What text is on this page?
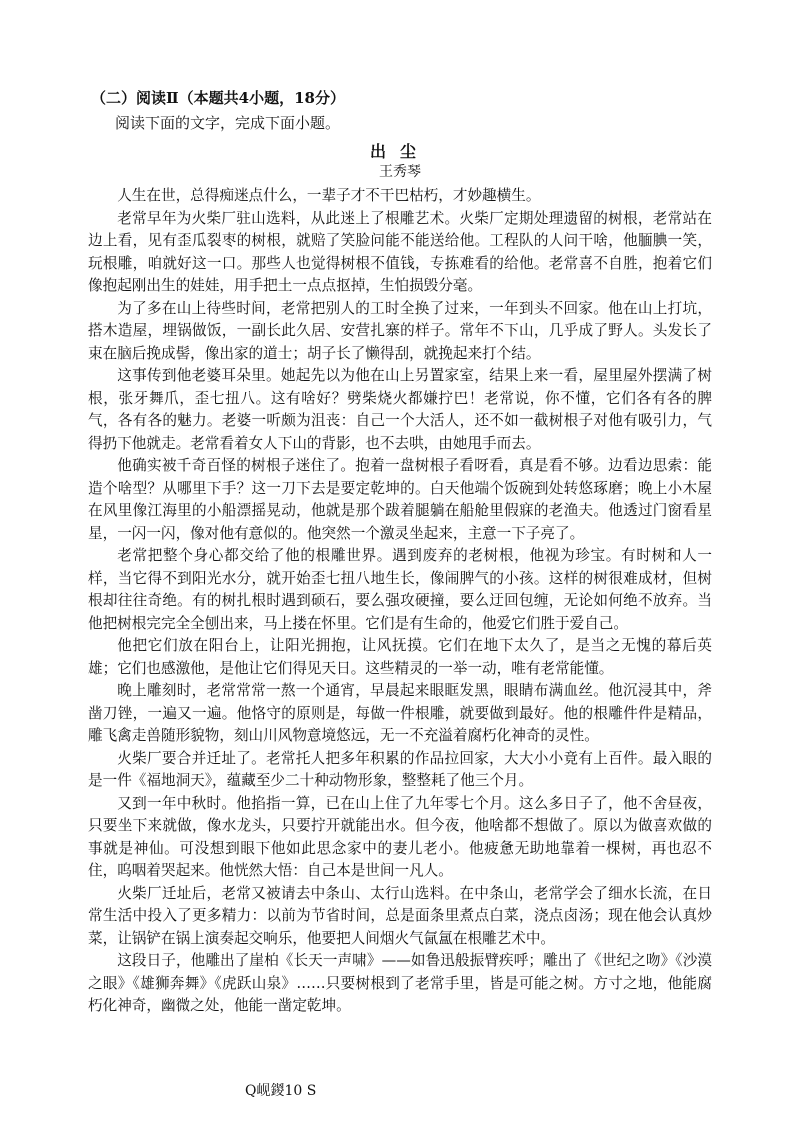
（二）阅读Ⅱ（本题共4小题，18分）
阅读下面的文字，完成下面小题。
出尘
王秀琴

人生在世，总得痴迷点什么，一辈子才不干巴枯朽，才妙趣横生。

老常早年为火柴厂驻山选料，从此迷上了根雕艺术。火柴厂定期处理遗留的树根，老常站在边上看，见有歪瓜裂枣的树根，就赔了笑脸问能不能送给他。工程队的人问干啥，他腼腆一笑，玩根雕，咱就好这一口。那些人也觉得树根不值钱，专拣难看的给他。老常喜不自胜，抱着它们像抱起刚出生的娃娃，用手把土一点点抠掉，生怕损毁分毫。

为了多在山上待些时间，老常把别人的工时全换了过来，一年到头不回家。他在山上打坑，搭木造屋，埋锅做饭，一副长此久居、安营扎寨的样子。常年不下山，几乎成了野人。头发长了束在脑后挽成髻，像出家的道士；胡子长了懒得刮，就挽起来打个结。

这事传到他老婆耳朵里。她起先以为他在山上另置家室，结果上来一看，屋里屋外摆满了树根，张牙舞爪，歪七扭八。这有啥好？劈柴烧火都嫌拧巴！老常说，你不懂，它们各有各的脾气，各有各的魅力。老婆一听颇为沮丧：自己一个大活人，还不如一截树根子对他有吸引力，气得扔下他就走。老常看着女人下山的背影，也不去哄，由她甩手而去。

他确实被千奇百怪的树根子迷住了。抱着一盘树根子看呀看，真是看不够。边看边思索：能造个啥型？从哪里下手？这一刀下去是要定乾坤的。白天他端个饭碗到处转悠琢磨；晚上小木屋在风里像江海里的小船漂摇晃动，他就是那个跋着腿躺在船舱里假寐的老渔夫。他透过门窗看星星，一闪一闪，像对他有意似的。他突然一个激灵坐起来，主意一下子亮了。

老常把整个身心都交给了他的根雕世界。遇到废弃的老树根，他视为珍宝。有时树和人一样，当它得不到阳光水分，就开始歪七扭八地生长，像闹脾气的小孩。这样的树很难成材，但树根却往往奇绝。有的树扎根时遇到硕石，要么强攻硬撞，要么迂回包缠，无论如何绝不放弃。当他把树根完完全全刨出来，马上搂在怀里。它们是有生命的，他爱它们胜于爱自己。

他把它们放在阳台上，让阳光拥抱，让风抚摸。它们在地下太久了，是当之无愧的幕后英雄；它们也感激他，是他让它们得见天日。这些精灵的一举一动，唯有老常能懂。

晚上雕刻时，老常常常一熬一个通宵，早晨起来眼眶发黑，眼睛布满血丝。他沉浸其中，斧凿刀锉，一遍又一遍。他恪守的原则是，每做一件根雕，就要做到最好。他的根雕件件是精品，雕飞禽走兽随形貌物，刻山川风物意境悠远，无一不充溢着腐朽化神奇的灵性。

火柴厂要合并迁址了。老常托人把多年积累的作品拉回家，大大小小竟有上百件。最入眼的是一件《福地洞天》，蕴藏至少二十种动物形象，整整耗了他三个月。

又到一年中秋时。他掐指一算，已在山上住了九年零七个月。这么多日子了，他不舍昼夜，只要坐下来就做，像水龙头，只要拧开就能出水。但今夜，他啥都不想做了。原以为做喜欢做的事就是神仙。可没想到眼下他如此思念家中的妻儿老小。他疲惫无助地靠着一棵树，再也忍不住，呜咽着哭起来。他恍然大悟：自己本是世间一凡人。

火柴厂迁址后，老常又被请去中条山、太行山选料。在中条山，老常学会了细水长流，在日常生活中投入了更多精力：以前为节省时间，总是面条里煮点白菜，浇点卤汤；现在他会认真炒菜，让锅铲在锅上演奏起交响乐，他要把人间烟火气氤氲在根雕艺术中。

这段日子，他雕出了崖柏《长天一声啸》——如鲁迅般振臂疾呼；雕出了《世纪之吻》《沙漠之眼》《雄狮奔舞》《虎跃山泉》……只要树根到了老常手里，皆是可能之树。方寸之地，他能腐朽化神奇，幽微之处，他能一凿定乾坤。

Q岘鍐10 S
